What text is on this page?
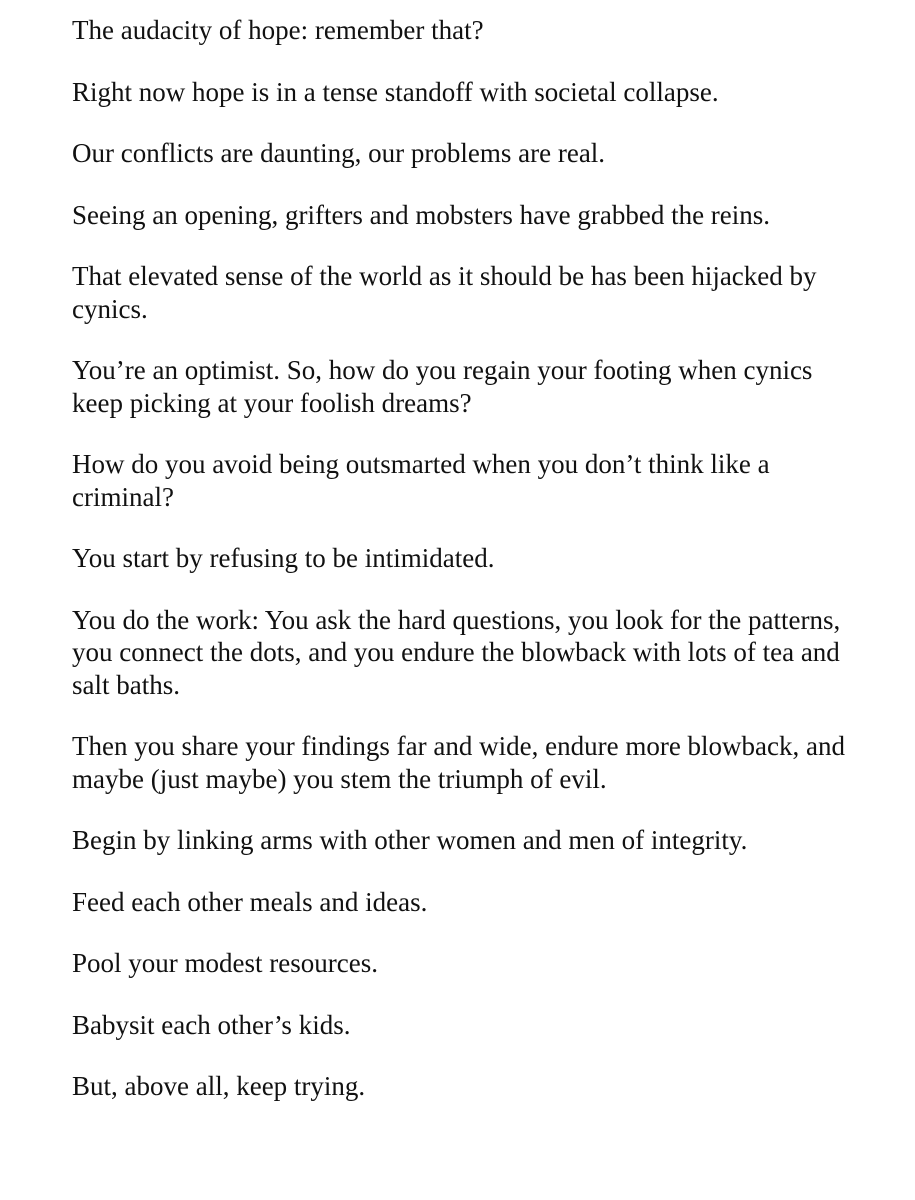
The audacity of hope: remember that?

Right now hope is in a tense standoff with societal collapse.

Our conflicts are daunting, our problems are real.

Seeing an opening, grifters and mobsters have grabbed the reins.

That elevated sense of the world as it should be has been hijacked by cynics.

You’re an optimist. So, how do you regain your footing when cynics keep picking at your foolish dreams?

How do you avoid being outsmarted when you don’t think like a criminal?

You start by refusing to be intimidated.

You do the work: You ask the hard questions, you look for the patterns, you connect the dots, and you endure the blowback with lots of tea and salt baths.

Then you share your findings far and wide, endure more blowback, and maybe (just maybe) you stem the triumph of evil.

Begin by linking arms with other women and men of integrity.

Feed each other meals and ideas.

Pool your modest resources.

Babysit each other’s kids.

But, above all, keep trying.
